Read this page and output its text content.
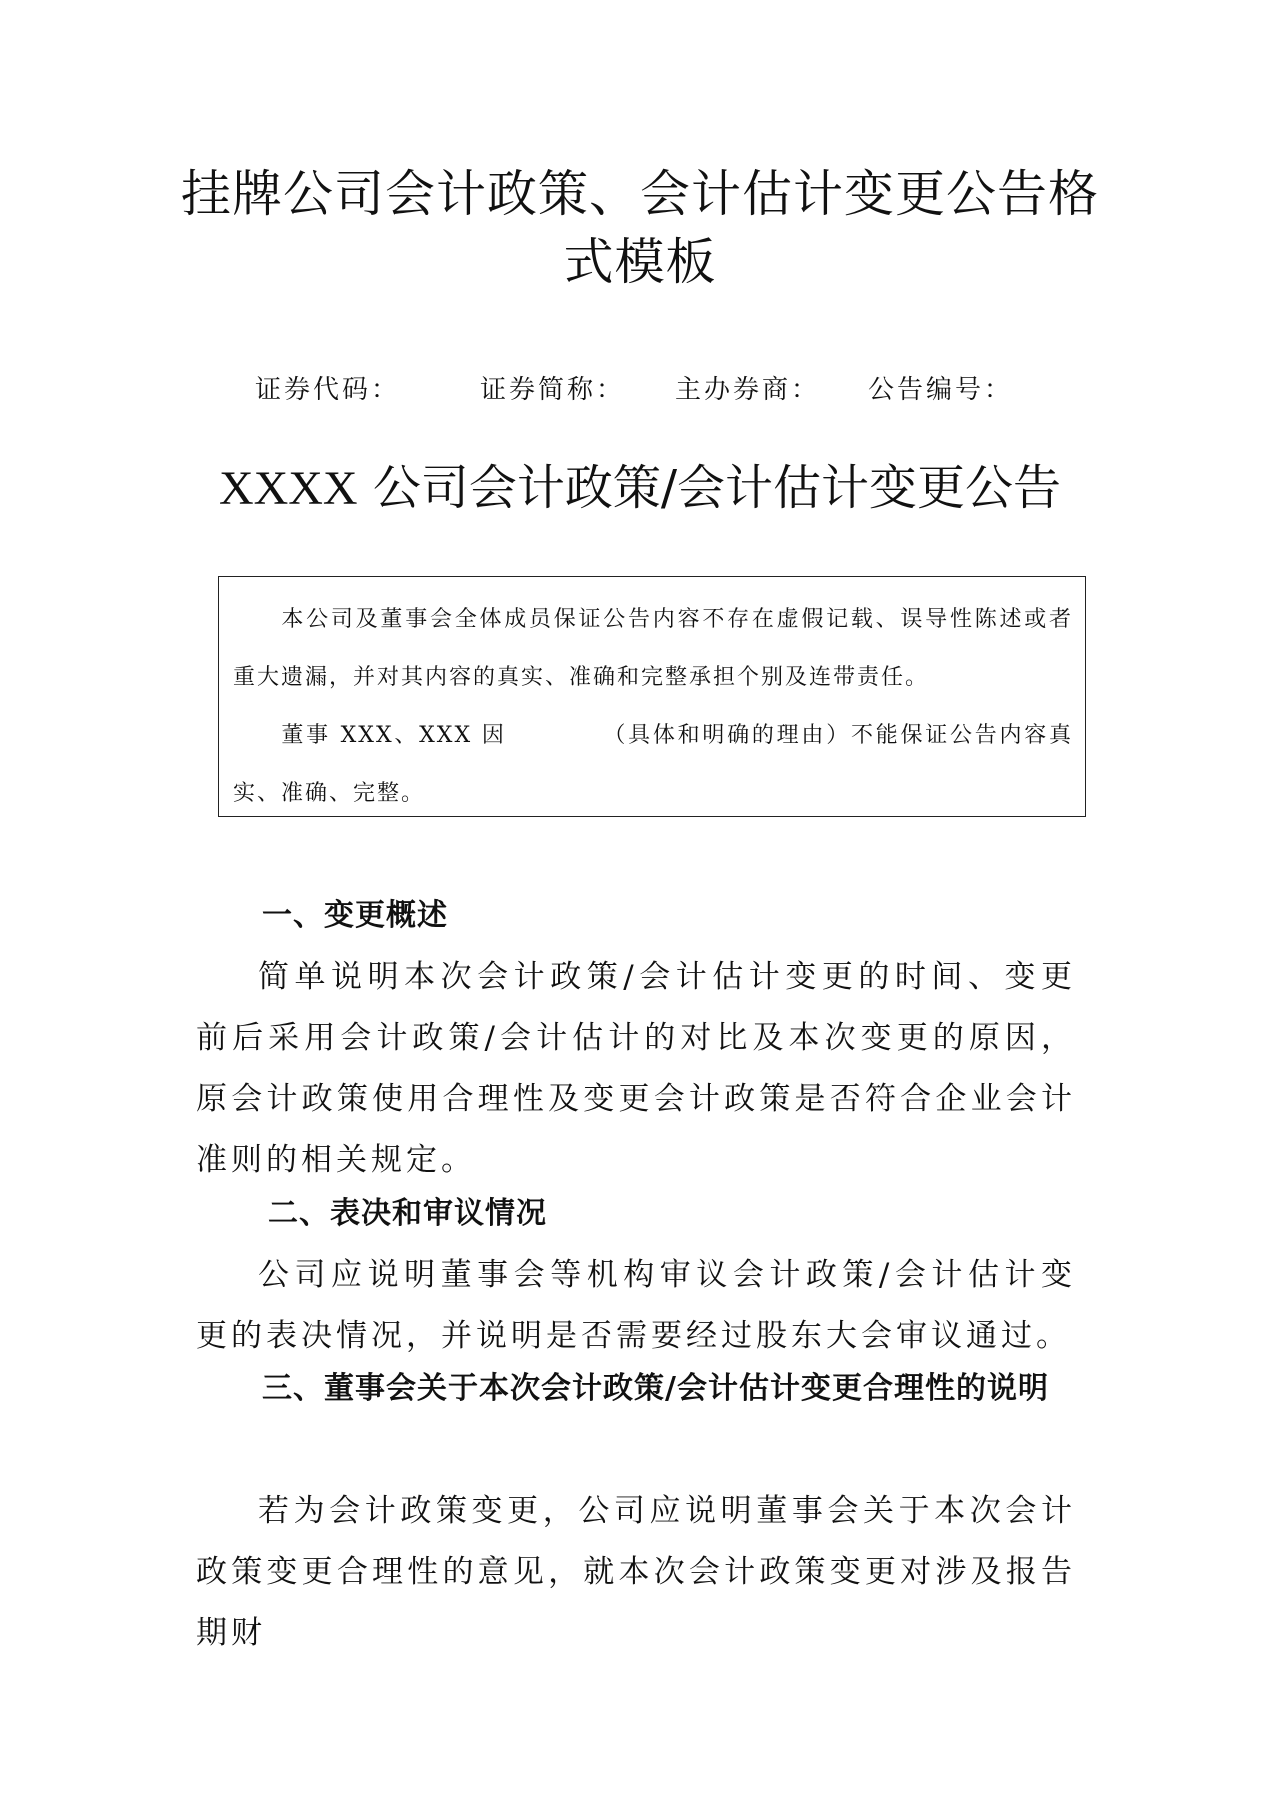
挂牌公司会计政策、会计估计变更公告格式模板
证券代码：	证券简称： 主办券商： 公告编号：
XXXX 公司会计政策/会计估计变更公告

本公司及董事会全体成员保证公告内容不存在虚假记载、误导性陈述或者重大遗漏，并对其内容的真实、准确和完整承担个别及连带责任。

董事 XXX、XXX 因	（具体和明确的理由）不能保证公告内容真实、准确、完整。

一、变更概述

简单说明本次会计政策/会计估计变更的时间、变更前后采用会计政策/会计估计的对比及本次变更的原因，原会计政策使用合理性及变更会计政策是否符合企业会计准则的相关规定。

二、表决和审议情况

公司应说明董事会等机构审议会计政策/会计估计变更的表决情况，并说明是否需要经过股东大会审议通过。

三、董事会关于本次会计政策/会计估计变更合理性的说明

若为会计政策变更，公司应说明董事会关于本次会计政策变更合理性的意见，就本次会计政策变更对涉及报告期财
